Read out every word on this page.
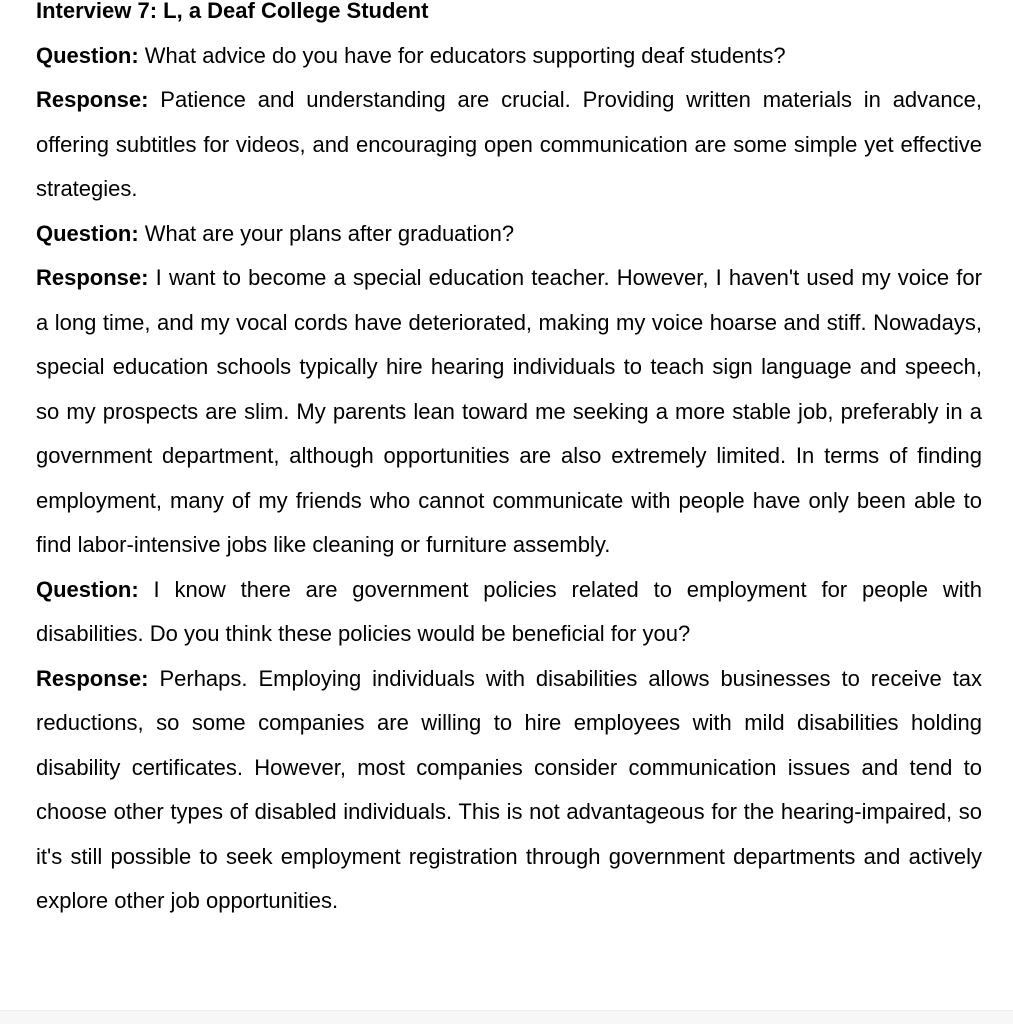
Interview 7: L, a Deaf College Student

Question: What advice do you have for educators supporting deaf students?

Response: Patience and understanding are crucial. Providing written materials in advance, offering subtitles for videos, and encouraging open communication are some simple yet effective strategies.

Question: What are your plans after graduation?

Response: I want to become a special education teacher. However, I haven't used my voice for a long time, and my vocal cords have deteriorated, making my voice hoarse and stiff. Nowadays, special education schools typically hire hearing individuals to teach sign language and speech, so my prospects are slim. My parents lean toward me seeking a more stable job, preferably in a government department, although opportunities are also extremely limited. In terms of finding employment, many of my friends who cannot communicate with people have only been able to find labor-intensive jobs like cleaning or furniture assembly.

Question: I know there are government policies related to employment for people with disabilities. Do you think these policies would be beneficial for you?

Response: Perhaps. Employing individuals with disabilities allows businesses to receive tax reductions, so some companies are willing to hire employees with mild disabilities holding disability certificates. However, most companies consider communication issues and tend to choose other types of disabled individuals. This is not advantageous for the hearing-impaired, so it's still possible to seek employment registration through government departments and actively explore other job opportunities.
